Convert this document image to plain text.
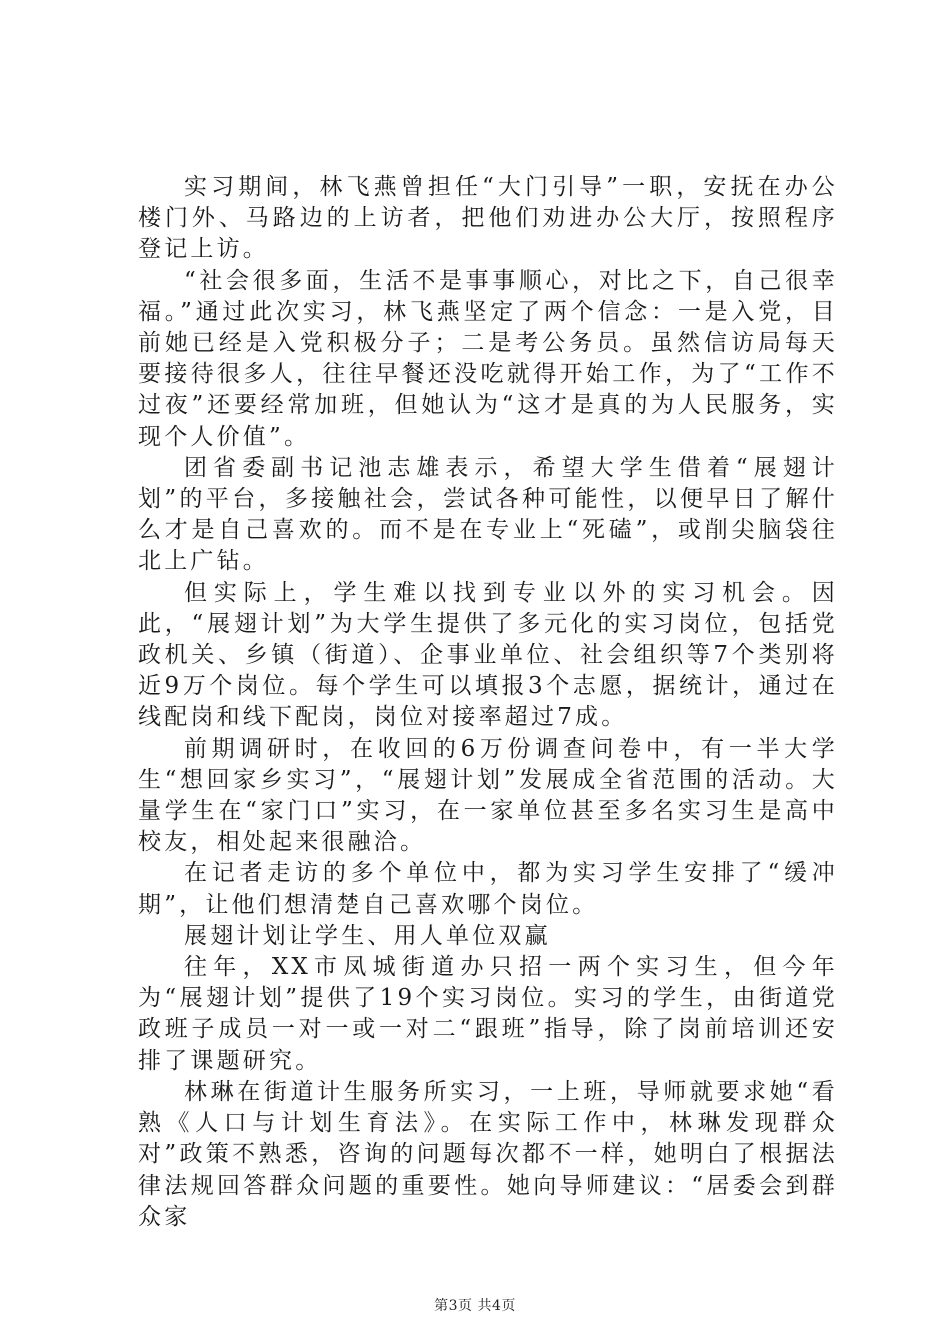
实习期间，林飞燕曾担任“大门引导”一职，安抚在办公楼门外、马路边的上访者，把他们劝进办公大厅，按照程序登记上访。

“社会很多面，生活不是事事顺心，对比之下，自己很幸福。”通过此次实习，林飞燕坚定了两个信念：一是入党，目前她已经是入党积极分子；二是考公务员。虽然信访局每天要接待很多人，往往早餐还没吃就得开始工作，为了“工作不过夜”还要经常加班，但她认为“这才是真的为人民服务，实现个人价值”。

团省委副书记池志雄表示，希望大学生借着“展翅计划”的平台，多接触社会，尝试各种可能性，以便早日了解什么才是自己喜欢的。而不是在专业上“死磕”，或削尖脑袋往北上广钻。

但实际上，学生难以找到专业以外的实习机会。因此，“展翅计划”为大学生提供了多元化的实习岗位，包括党政机关、乡镇（街道）、企事业单位、社会组织等7个类别将近9万个岗位。每个学生可以填报3个志愿，据统计，通过在线配岗和线下配岗，岗位对接率超过7成。

前期调研时，在收回的6万份调查问卷中，有一半大学生“想回家乡实习”，“展翅计划”发展成全省范围的活动。大量学生在“家门口”实习，在一家单位甚至多名实习生是高中校友，相处起来很融洽。

在记者走访的多个单位中，都为实习学生安排了“缓冲期”，让他们想清楚自己喜欢哪个岗位。

展翅计划让学生、用人单位双赢

往年，XX市凤城街道办只招一两个实习生，但今年为“展翅计划”提供了19个实习岗位。实习的学生，由街道党政班子成员一对一或一对二“跟班”指导，除了岗前培训还安排了课题研究。

林琳在街道计生服务所实习，一上班，导师就要求她“看熟《人口与计划生育法》。在实际工作中，林琳发现群众对”政策不熟悉，咨询的问题每次都不一样，她明白了根据法律法规回答群众问题的重要性。她向导师建议：“居委会到群众家

第3页 共4页
